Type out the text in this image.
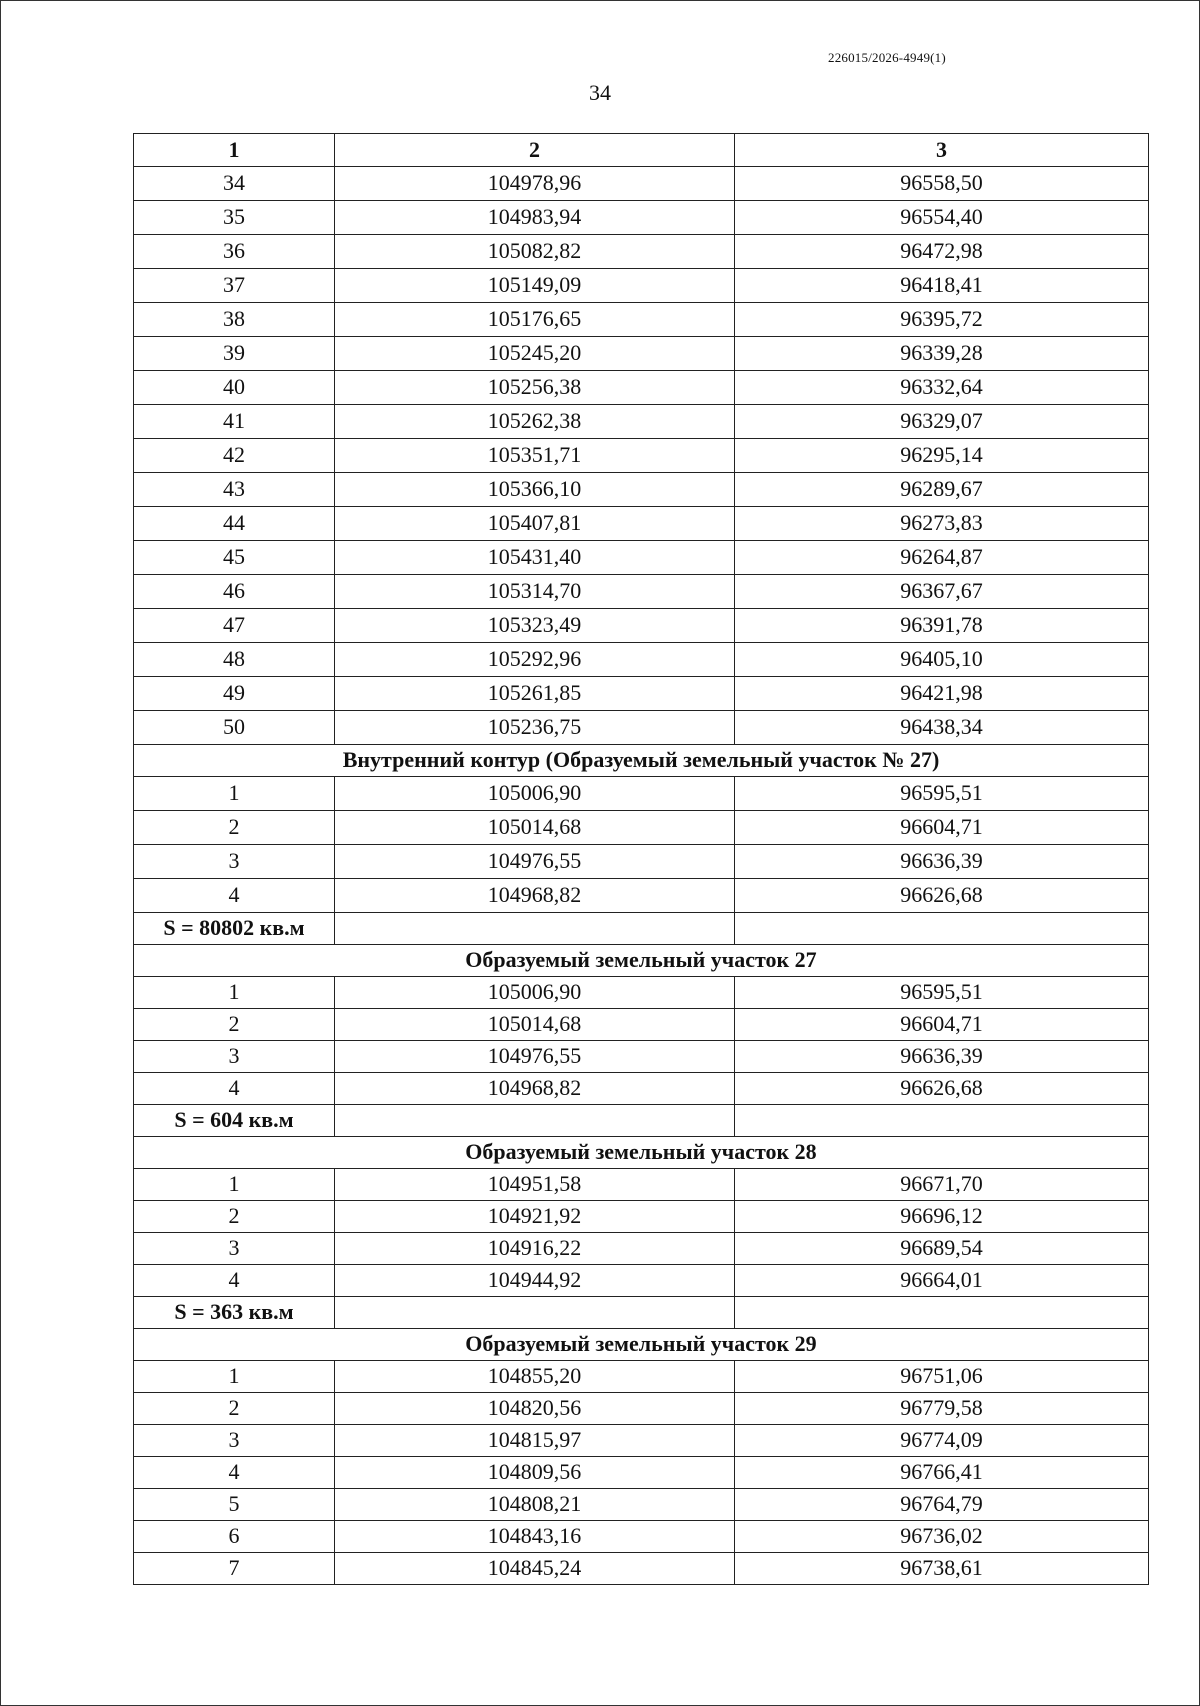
226015/2026-4949(1)
34
1	2	3
34	104978,96	96558,50
35	104983,94	96554,40
36	105082,82	96472,98
37	105149,09	96418,41
38	105176,65	96395,72
39	105245,20	96339,28
40	105256,38	96332,64
41	105262,38	96329,07
42	105351,71	96295,14
43	105366,10	96289,67
44	105407,81	96273,83
45	105431,40	96264,87
46	105314,70	96367,67
47	105323,49	96391,78
48	105292,96	96405,10
49	105261,85	96421,98
50	105236,75	96438,34
Внутренний контур (Образуемый земельный участок № 27)		
1	105006,90	96595,51
2	105014,68	96604,71
3	104976,55	96636,39
4	104968,82	96626,68
S = 80802 кв.м		
Образуемый земельный участок 27		
1	105006,90	96595,51
2	105014,68	96604,71
3	104976,55	96636,39
4	104968,82	96626,68
S = 604 кв.м		
Образуемый земельный участок 28		
1	104951,58	96671,70
2	104921,92	96696,12
3	104916,22	96689,54
4	104944,92	96664,01
S = 363 кв.м		
Образуемый земельный участок 29		
1	104855,20	96751,06
2	104820,56	96779,58
3	104815,97	96774,09
4	104809,56	96766,41
5	104808,21	96764,79
6	104843,16	96736,02
7	104845,24	96738,61
